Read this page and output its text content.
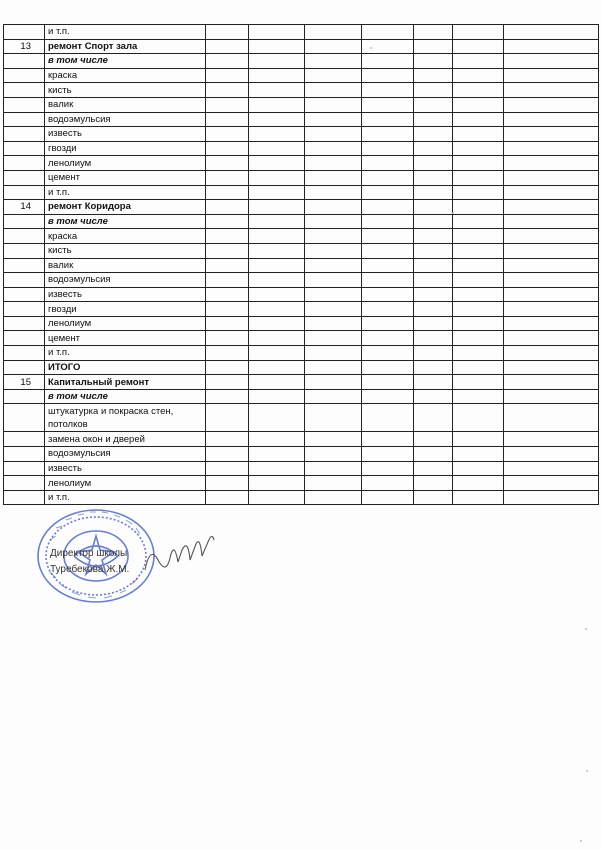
	и т.п.							
13	ремонт Спорт зала							
	в том числе							
	краска							
	кисть							
	валик							
	водоэмульсия							
	известь							
	гвозди							
	ленолиум							
	цемент							
	и т.п.							
14	ремонт Коридора							
	в том числе							
	краска							
	кисть							
	валик							
	водоэмульсия							
	известь							
	гвозди							
	ленолиум							
	цемент							
	и т.п.							
	ИТОГО							
15	Капитальный ремонт							
	в том числе							
	штукатурка и покраска стен, потолков							
	замена окон и дверей							
	водоэмульсия							
	известь							
	ленолиум							
	и т.п.							
Директор школы
Туребекова Ж.М.
